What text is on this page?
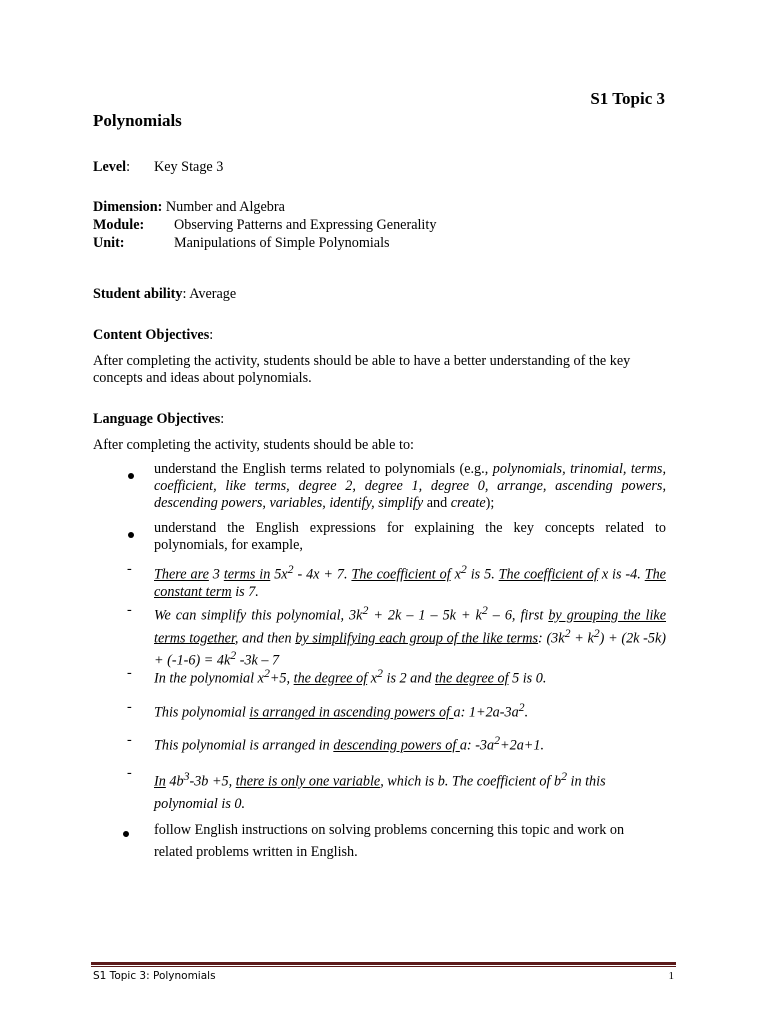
S1 Topic 3
Polynomials
Level: Key Stage 3
Dimension: Number and Algebra
Module: Observing Patterns and Expressing Generality
Unit:	Manipulations of Simple Polynomials
Student ability: Average
Content Objectives:
After completing the activity, students should be able to have a better understanding of the key concepts and ideas about polynomials.
Language Objectives:
After completing the activity, students should be able to:
understand the English terms related to polynomials (e.g., polynomials, trinomial, terms, coefficient, like terms, degree 2, degree 1, degree 0, arrange, ascending powers, descending powers, variables, identify, simplify and create);
understand the English expressions for explaining the key concepts related to polynomials, for example,
- There are 3 terms in $5x^2 - 4x + 7$. The coefficient of $x^2$ is 5. The coefficient of x is -4. The constant term is 7.
- We can simplify this polynomial, $3k^2 + 2k - 1 - 5k + k^2 - 6$, first by grouping the like terms together, and then by simplifying each group of the like terms: $(3k^2 + k^2) + (2k$ $-5k) + (-1-6) = 4k^2$ -3k – 7
- In the polynomial $x^2+5$, the degree of $x^2$ is 2 and the degree of 5 is 0.
- This polynomial is arranged in ascending powers of a: $1+2a-3a^2$.
- This polynomial is arranged in descending powers of a: $-3a^2+2a+1$.
-
In $4b^3-3b +5$, there is only one variable, which is b. The coefficient of $b^2$ in this polynomial is 0.
follow English instructions on solving problems concerning this topic and work on related problems written in English.
S1 Topic 3: Polynomials	1
